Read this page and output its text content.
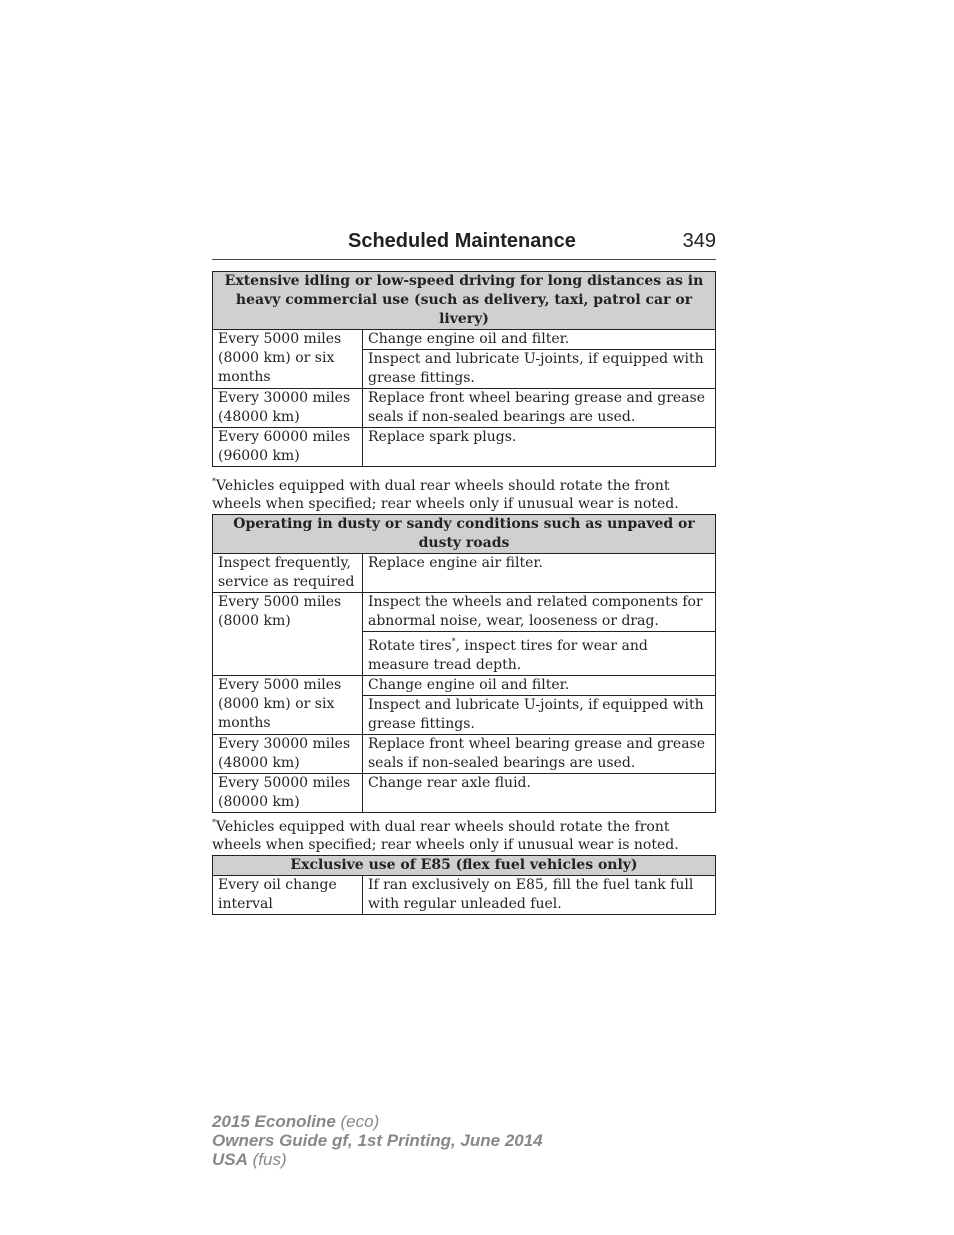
Scheduled Maintenance	349
Extensive idling or low-speed driving for long distances as in heavy commercial use (such as delivery, taxi, patrol car or livery)	
Every 5000 miles (8000 km) or six months	Change engine oil and filter.
	Inspect and lubricate U-joints, if equipped with grease fittings.
Every 30000 miles (48000 km)	Replace front wheel bearing grease and grease seals if non-sealed bearings are used.
Every 60000 miles (96000 km)	Replace spark plugs.
*Vehicles equipped with dual rear wheels should rotate the front wheels when specified; rear wheels only if unusual wear is noted.
Operating in dusty or sandy conditions such as unpaved or dusty roads	
Inspect frequently, service as required	Replace engine air filter.
Every 5000 miles (8000 km)	Inspect the wheels and related components for abnormal noise, wear, looseness or drag.
	Rotate tires*, inspect tires for wear and measure tread depth.
Every 5000 miles (8000 km) or six months	Change engine oil and filter.
	Inspect and lubricate U-joints, if equipped with grease fittings.
Every 30000 miles (48000 km)	Replace front wheel bearing grease and grease seals if non-sealed bearings are used.
Every 50000 miles (80000 km)	Change rear axle fluid.
*Vehicles equipped with dual rear wheels should rotate the front wheels when specified; rear wheels only if unusual wear is noted.
Exclusive use of E85 (flex fuel vehicles only)
Every oil change interval	If ran exclusively on E85, fill the fuel tank full with regular unleaded fuel.
2015 Econoline (eco)
Owners Guide gf, 1st Printing, June 2014
USA (fus)
